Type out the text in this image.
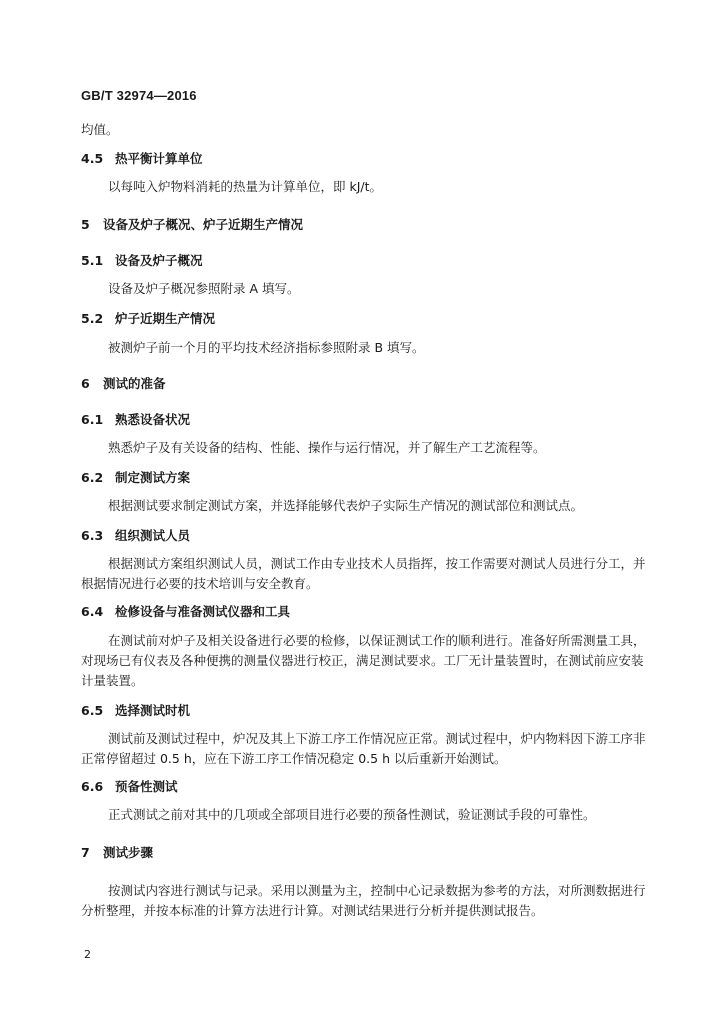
GB/T 32974—2016
均值。
4.5 热平衡计算单位
以每吨入炉物料消耗的热量为计算单位，即 kJ/t。
5 设备及炉子概况、炉子近期生产情况
5.1 设备及炉子概况
设备及炉子概况参照附录 A 填写。
5.2 炉子近期生产情况
被测炉子前一个月的平均技术经济指标参照附录 B 填写。
6 测试的准备
6.1 熟悉设备状况
熟悉炉子及有关设备的结构、性能、操作与运行情况，并了解生产工艺流程等。
6.2 制定测试方案
根据测试要求制定测试方案，并选择能够代表炉子实际生产情况的测试部位和测试点。
6.3 组织测试人员
根据测试方案组织测试人员，测试工作由专业技术人员指挥，按工作需要对测试人员进行分工，并
根据情况进行必要的技术培训与安全教育。
6.4 检修设备与准备测试仪器和工具
在测试前对炉子及相关设备进行必要的检修，以保证测试工作的顺利进行。准备好所需测量工具，
对现场已有仪表及各种便携的测量仪器进行校正，满足测试要求。工厂无计量装置时，在测试前应安装
计量装置。
6.5 选择测试时机
测试前及测试过程中，炉况及其上下游工序工作情况应正常。测试过程中，炉内物料因下游工序非
正常停留超过 0.5 h，应在下游工序工作情况稳定 0.5 h 以后重新开始测试。
6.6 预备性测试
正式测试之前对其中的几项或全部项目进行必要的预备性测试，验证测试手段的可靠性。
7 测试步骤
按测试内容进行测试与记录。采用以测量为主，控制中心记录数据为参考的方法，对所测数据进行
分析整理，并按本标准的计算方法进行计算。对测试结果进行分析并提供测试报告。
2
